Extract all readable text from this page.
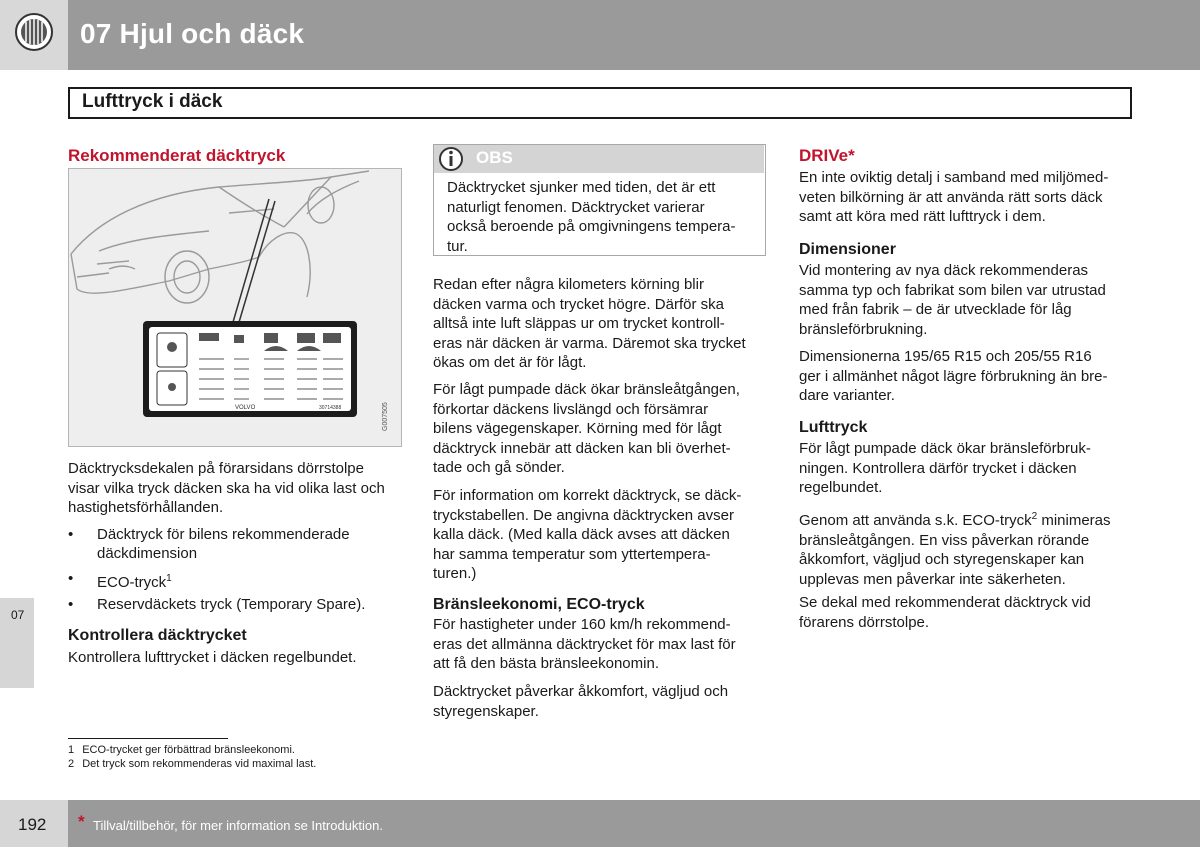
07 Hjul och däck
Lufttryck i däck
Rekommenderat däcktryck
VOLVO	30714388	G007505

Däcktrycksdekalen på förarsidans dörrstolpe

visar vilka tryck däcken ska ha vid olika last och

hastighetsförhållanden.

• Däcktryck för bilens rekommenderade
däckdimension
• ECO-tryck$^1$
• Reservdäckets tryck (Temporary Spare).
Kontrollera däcktrycket
Kontrollera lufttrycket i däcken regelbundet.
OBS

Däcktrycket sjunker med tiden, det är ett

naturligt fenomen. Däcktrycket varierar

också beroende på omgivningens tempera-

tur.

Redan efter några kilometers körning blir

däcken varma och trycket högre. Därför ska

alltså inte luft släppas ur om trycket kontroll-

eras när däcken är varma. Däremot ska trycket

ökas om det är för lågt.

För lågt pumpade däck ökar bränsleåtgången,

förkortar däckens livslängd och försämrar

bilens vägegenskaper. Körning med för lågt

däcktryck innebär att däcken kan bli överhet-

tade och gå sönder.

För information om korrekt däcktryck, se däck-

tryckstabellen. De angivna däcktrycken avser

kalla däck. (Med kalla däck avses att däcken

har samma temperatur som yttertempera-

turen.)

Bränsleekonomi, ECO-tryck

För hastigheter under 160 km/h rekommend-

eras det allmänna däcktrycket för max last för

att få den bästa bränsleekonomin.

Däcktrycket påverkar åkkomfort, vägljud och

styregenskaper.

DRIVe*

En inte oviktig detalj i samband med miljömed-

veten bilkörning är att använda rätt sorts däck

samt att köra med rätt lufttryck i dem.

Dimensioner

Vid montering av nya däck rekommenderas

samma typ och fabrikat som bilen var utrustad

med från fabrik – de är utvecklade för låg

bränsleförbrukning.

Dimensionerna 195/65 R15 och 205/55 R16

ger i allmänhet något lägre förbrukning än bre-

dare varianter.

Lufttryck

För lågt pumpade däck ökar bränsleförbruk-

ningen. Kontrollera därför trycket i däcken

regelbundet.

Genom att använda s.k. ECO-tryck$^2$ minimeras

bränsleåtgången. En viss påverkan rörande

åkkomfort, vägljud och styregenskaper kan

upplevas men påverkar inte säkerheten.

Se dekal med rekommenderat däcktryck vid

förarens dörrstolpe.

07
1 ECO-trycket ger förbättrad bränsleekonomi.
2 Det tryck som rekommenderas vid maximal last.
192 * Tillval/tillbehör, för mer information se Introduktion.
